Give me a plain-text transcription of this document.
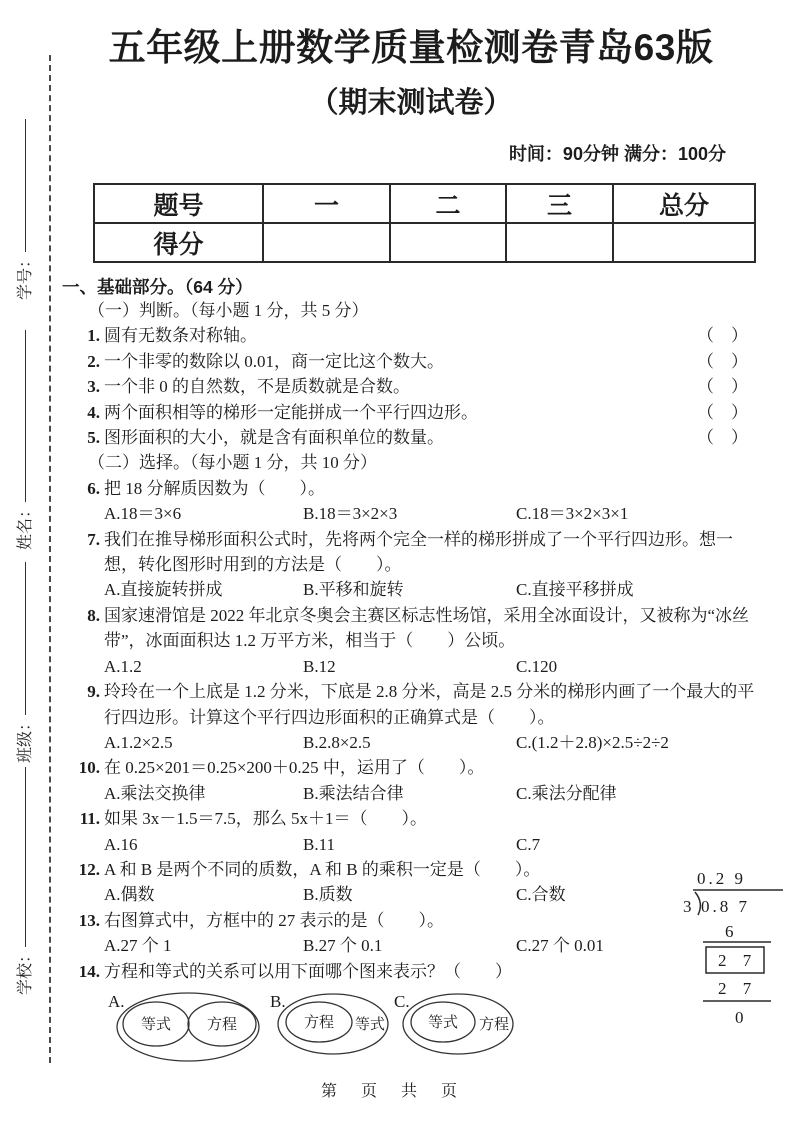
学号：
姓名：
班级：
学校：
五年级上册数学质量检测卷青岛63版
（期末测试卷）
时间：90分钟 满分：100分
题号	一	二	三	总分
得分				
一、基础部分。（64 分）
（一）判断。（每小题 1 分，共 5 分）
1. 圆有无数条对称轴。	（　）
2. 一个非零的数除以 0.01，商一定比这个数大。	（　）
3. 一个非 0 的自然数，不是质数就是合数。	（　）
4. 两个面积相等的梯形一定能拼成一个平行四边形。	（　）
5. 图形面积的大小，就是含有面积单位的数量。	（　）
（二）选择。（每小题 1 分，共 10 分）
6. 把 18 分解质因数为（　　）。
A.18＝3×6	B.18＝3×2×3	C.18＝3×2×3×1
7. 我们在推导梯形面积公式时，先将两个完全一样的梯形拼成了一个平行四边形。想一想，转化图形时用到的方法是（　　）。
A.直接旋转拼成	B.平移和旋转	C.直接平移拼成
8. 国家速滑馆是 2022 年北京冬奥会主赛区标志性场馆，采用全冰面设计，又被称为“冰丝带”，冰面面积达 1.2 万平方米，相当于（　　）公顷。
A.1.2	B.12	C.120
9. 玲玲在一个上底是 1.2 分米，下底是 2.8 分米，高是 2.5 分米的梯形内画了一个最大的平行四边形。计算这个平行四边形面积的正确算式是（　　）。
A.1.2×2.5	B.2.8×2.5	C.(1.2＋2.8)×2.5÷2÷2
10. 在 0.25×201＝0.25×200＋0.25 中，运用了（　　）。
A.乘法交换律	B.乘法结合律	C.乘法分配律
11. 如果 3x－1.5＝7.5，那么 5x＋1＝（　　）。
A.16	B.11	C.7
12. A 和 B 是两个不同的质数，A 和 B 的乘积一定是（　　）。
A.偶数	B.质数	C.合数
13. 右图算式中，方框中的 27 表示的是（　　）。
A.27 个 1	B.27 个 0.1	C.27 个 0.01
14. 方程和等式的关系可以用下面哪个图来表示？（　　）
A.
等式 方程
B.
方程 等式
C.
等式 方程
0.2 9
3 0.8 7
6
2 7
2 7
0
第　页　共　页
